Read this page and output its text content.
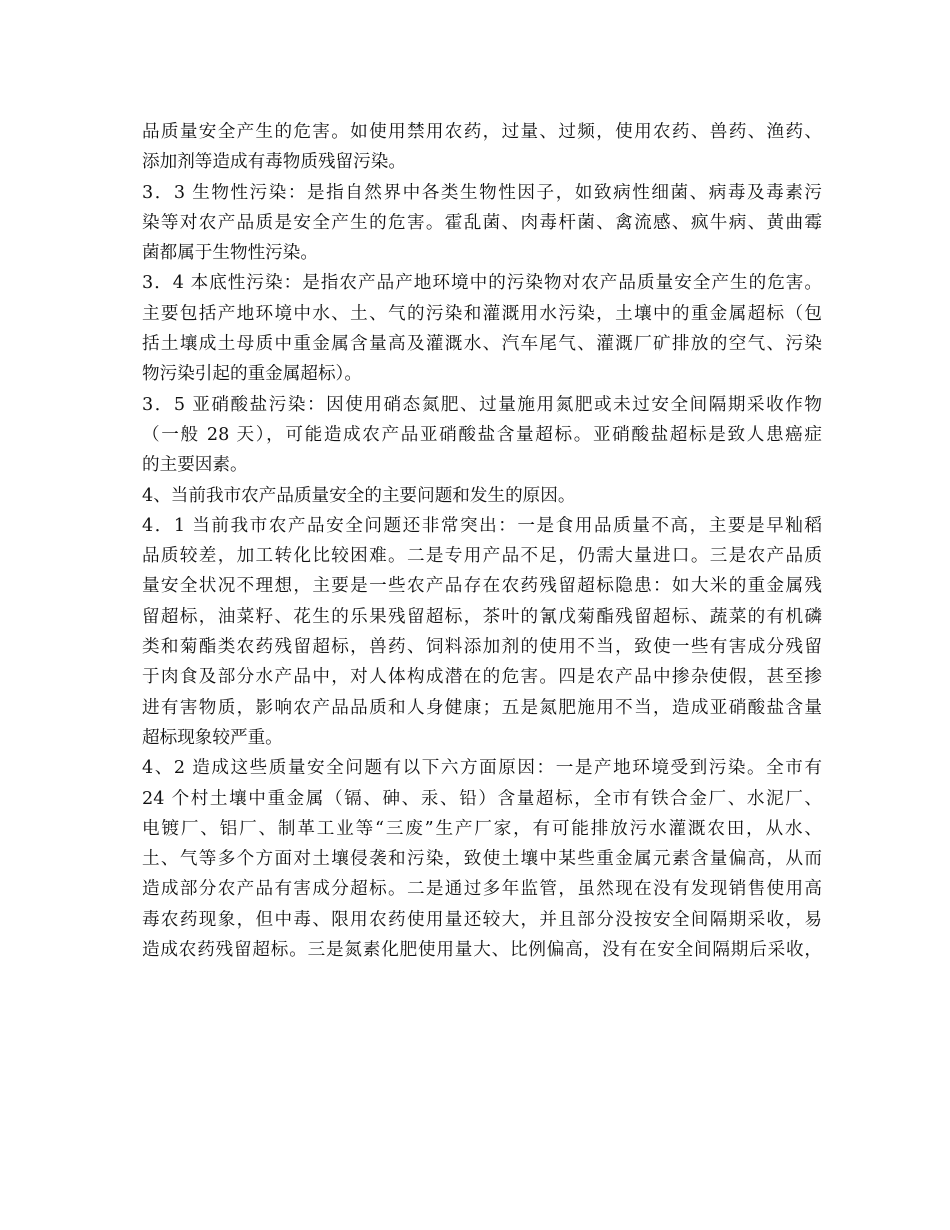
品质量安全产生的危害。如使用禁用农药，过量、过频，使用农药、兽药、渔药、
添加剂等造成有毒物质残留污染。
3．3 生物性污染：是指自然界中各类生物性因子，如致病性细菌、病毒及毒素污
染等对农产品质是安全产生的危害。霍乱菌、肉毒杆菌、禽流感、疯牛病、黄曲霉
菌都属于生物性污染。
3．4 本底性污染：是指农产品产地环境中的污染物对农产品质量安全产生的危害。
主要包括产地环境中水、土、气的污染和灌溉用水污染，土壤中的重金属超标（包
括土壤成土母质中重金属含量高及灌溉水、汽车尾气、灌溉厂矿排放的空气、污染
物污染引起的重金属超标）。
3．5 亚硝酸盐污染：因使用硝态氮肥、过量施用氮肥或未过安全间隔期采收作物
（一般 28 天），可能造成农产品亚硝酸盐含量超标。亚硝酸盐超标是致人患癌症
的主要因素。
4、当前我市农产品质量安全的主要问题和发生的原因。
4．1 当前我市农产品安全问题还非常突出：一是食用品质量不高，主要是早籼稻
品质较差，加工转化比较困难。二是专用产品不足，仍需大量进口。三是农产品质
量安全状况不理想，主要是一些农产品存在农药残留超标隐患：如大米的重金属残
留超标，油菜籽、花生的乐果残留超标，茶叶的氰戊菊酯残留超标、蔬菜的有机磷
类和菊酯类农药残留超标，兽药、饲料添加剂的使用不当，致使一些有害成分残留
于肉食及部分水产品中，对人体构成潜在的危害。四是农产品中掺杂使假，甚至掺
进有害物质，影响农产品品质和人身健康；五是氮肥施用不当，造成亚硝酸盐含量
超标现象较严重。
4、2 造成这些质量安全问题有以下六方面原因：一是产地环境受到污染。全市有
24 个村土壤中重金属（镉、砷、汞、铅）含量超标，全市有铁合金厂、水泥厂、
电镀厂、铝厂、制革工业等“三废”生产厂家，有可能排放污水灌溉农田，从水、
土、气等多个方面对土壤侵袭和污染，致使土壤中某些重金属元素含量偏高，从而
造成部分农产品有害成分超标。二是通过多年监管，虽然现在没有发现销售使用高
毒农药现象，但中毒、限用农药使用量还较大，并且部分没按安全间隔期采收，易
造成农药残留超标。三是氮素化肥使用量大、比例偏高，没有在安全间隔期后采收，
